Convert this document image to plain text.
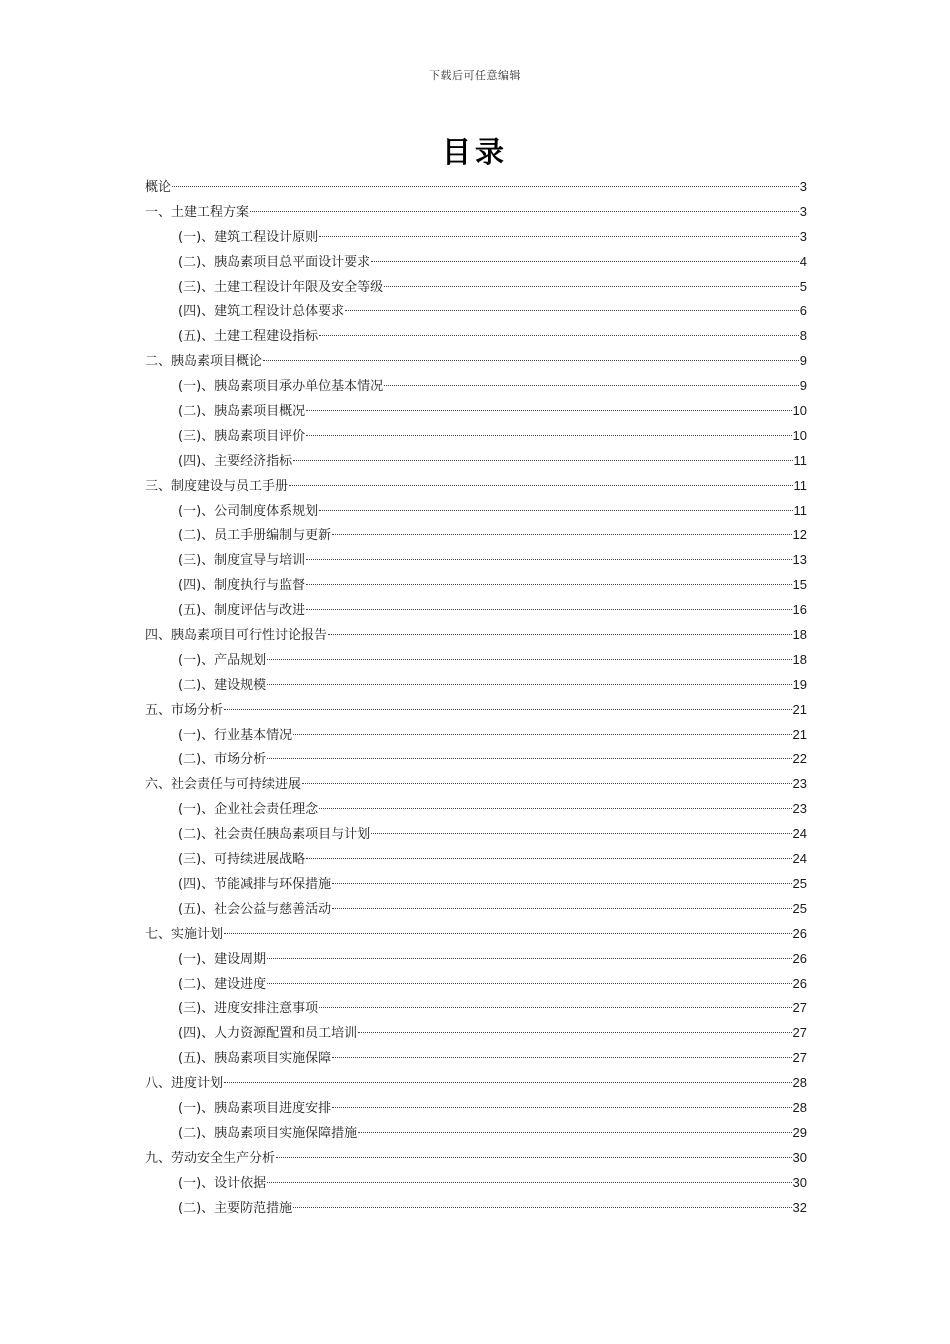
下载后可任意编辑
目录
概论	3
一、土建工程方案	3
(一)、建筑工程设计原则	3
(二)、胰岛素项目总平面设计要求	4
(三)、土建工程设计年限及安全等级	5
(四)、建筑工程设计总体要求	6
(五)、土建工程建设指标	8
二、胰岛素项目概论	9
(一)、胰岛素项目承办单位基本情况	9
(二)、胰岛素项目概况	10
(三)、胰岛素项目评价	10
(四)、主要经济指标	11
三、制度建设与员工手册	11
(一)、公司制度体系规划	11
(二)、员工手册编制与更新	12
(三)、制度宣导与培训	13
(四)、制度执行与监督	15
(五)、制度评估与改进	16
四、胰岛素项目可行性讨论报告	18
(一)、产品规划	18
(二)、建设规模	19
五、市场分析	21
(一)、行业基本情况	21
(二)、市场分析	22
六、社会责任与可持续进展	23
(一)、企业社会责任理念	23
(二)、社会责任胰岛素项目与计划	24
(三)、可持续进展战略	24
(四)、节能减排与环保措施	25
(五)、社会公益与慈善活动	25
七、实施计划	26
(一)、建设周期	26
(二)、建设进度	26
(三)、进度安排注意事项	27
(四)、人力资源配置和员工培训	27
(五)、胰岛素项目实施保障	27
八、进度计划	28
(一)、胰岛素项目进度安排	28
(二)、胰岛素项目实施保障措施	29
九、劳动安全生产分析	30
(一)、设计依据	30
(二)、主要防范措施	32
